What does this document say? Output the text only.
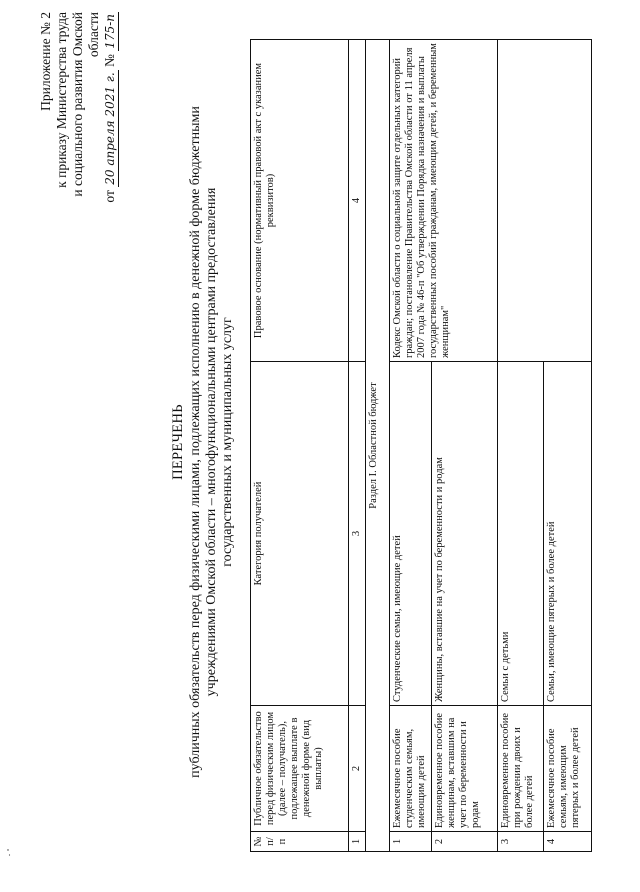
Приложение № 2 к приказу Министерства труда и социального развития Омской области
от 20 апреля 2021 г. № 175-п
ПЕРЕЧЕНЬ публичных обязательств перед физическими лицами, подлежащих исполнению в денежной форме бюджетными учреждениями Омской области – многофункциональными центрами предоставления государственных и муниципальных услуг
№ п/п	Публичное обязательство перед физическим лицом (далее – получатель), подлежащее выплате в денежной форме (вид выплаты)	Категория получателей	Правовое основание (нормативный правовой акт с указанием реквизитов)
1	2	3	4
Раздел I. Областной бюджет			
1	Ежемесячное пособие студенческим семьям, имеющим детей	Студенческие семьи, имеющие детей	Кодекс Омской области о социальной защите отдельных категорий граждан; постановление Правительства Омской области от 11 апреля 2007 года № 46-п "Об утверждении Порядка назначения и выплаты государственных пособий гражданам, имеющим детей, и беременным женщинам"
2	Единовременное пособие женщинам, вставшим на учет по беременности и родам	Женщины, вставшие на учет по беременности и родам	
3	Единовременное пособие при рождении двоих и более детей	Семьи с детьми	
4	Ежемесячное пособие семьям, имеющим пятерых и более детей	Семьи, имеющие пятерых и более детей	
